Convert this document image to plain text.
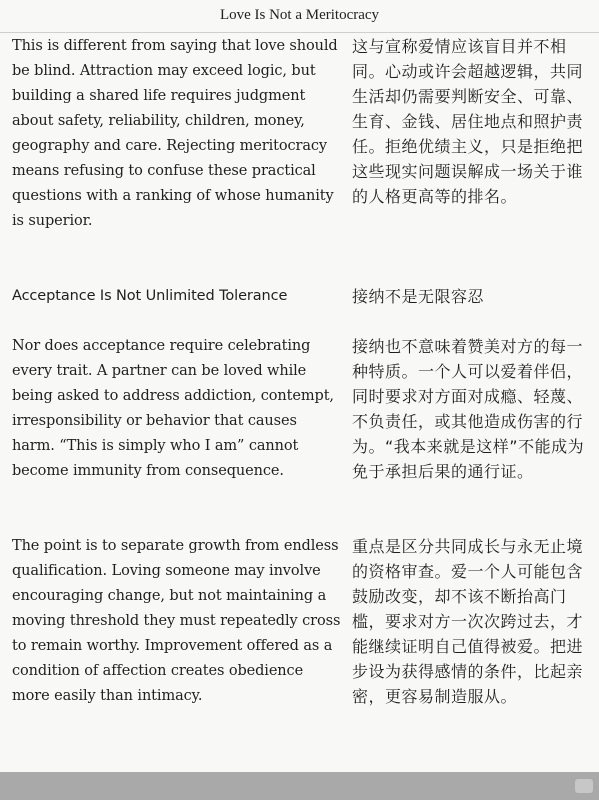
Love Is Not a Meritocracy
This is different from saying that love should be blind. Attraction may exceed logic, but building a shared life requires judgment about safety, reliability, children, money, geography and care. Rejecting meritocracy means refusing to confuse these practical questions with a ranking of whose humanity is superior.
这与宣称爱情应该盲目并不相同。心动或许会超越逻辑，共同生活却仍需要判断安全、可靠、生育、金钱、居住地点和照护责任。拒绝优绩主义，只是拒绝把这些现实问题误解成一场关于谁的人格更高等的排名。
Acceptance Is Not Unlimited Tolerance	接纳不是无限容忍
Nor does acceptance require celebrating every trait. A partner can be loved while being asked to address addiction, contempt, irresponsibility or behavior that causes harm. “This is simply who I am” cannot become immunity from consequence.
接纳也不意味着赞美对方的每一种特质。一个人可以爱着伴侣，同时要求对方面对成瘾、轻蔑、不负责任，或其他造成伤害的行为。“我本来就是这样”不能成为免于承担后果的通行证。
The point is to separate growth from endless qualification. Loving someone may involve encouraging change, but not maintaining a moving threshold they must repeatedly cross to remain worthy. Improvement offered as a condition of affection creates obedience more easily than intimacy.
重点是区分共同成长与永无止境的资格审查。爱一个人可能包含鼓励改变，却不该不断抬高门槛，要求对方一次次跨过去，才能继续证明自己值得被爱。把进步设为获得感情的条件，比起亲密，更容易制造服从。
